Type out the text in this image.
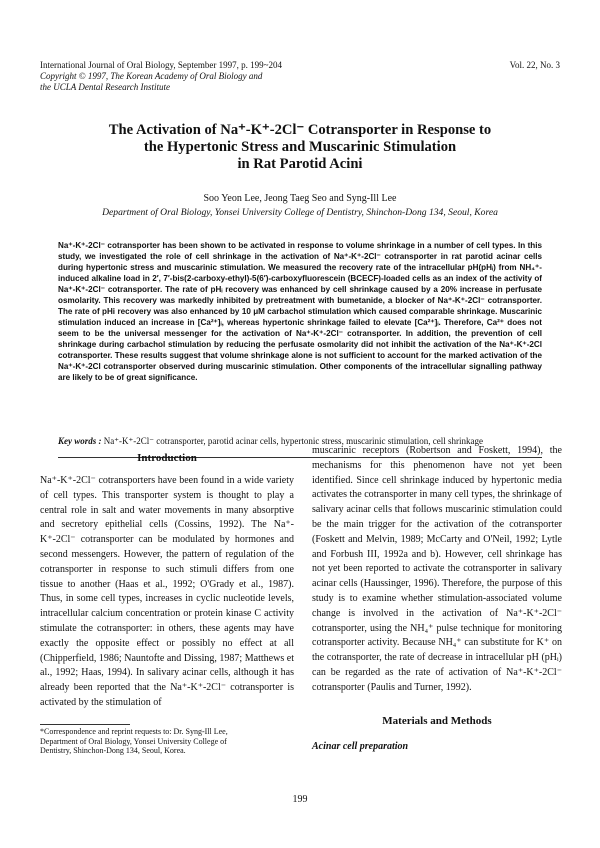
International Journal of Oral Biology, September 1997, p. 199~204
Copyright © 1997, The Korean Academy of Oral Biology and
the UCLA Dental Research Institute
Vol. 22, No. 3
The Activation of Na⁺-K⁺-2Cl⁻ Cotransporter in Response to
the Hypertonic Stress and Muscarinic Stimulation
in Rat Parotid Acini
Soo Yeon Lee, Jeong Taeg Seo and Syng-Ill Lee
Department of Oral Biology, Yonsei University College of Dentistry, Shinchon-Dong 134, Seoul, Korea
Na⁺-K⁺-2Cl⁻ cotransporter has been shown to be activated in response to volume shrinkage in a number of cell types. In this study, we investigated the role of cell shrinkage in the activation of Na⁺-K⁺-2Cl⁻ cotransporter in rat parotid acinar cells during hypertonic stress and muscarinic stimulation. We measured the recovery rate of the intracellular pH(pHᵢ) from NH₄⁺-induced alkaline load in 2′, 7′-bis(2-carboxy-ethyl)-5(6′)-carboxyfluorescein (BCECF)-loaded cells as an index of the activity of Na⁺-K⁺-2Cl⁻ cotransporter. The rate of pHᵢ recovery was enhanced by cell shrinkage caused by a 20% increase in perfusate osmolarity. This recovery was markedly inhibited by pretreatment with bumetanide, a blocker of Na⁺-K⁺-2Cl⁻ cotransporter. The rate of pHi recovery was also enhanced by 10 μM carbachol stimulation which caused comparable shrinkage. Muscarinic stimulation induced an increase in [Ca²⁺]ᵢ, whereas hypertonic shrinkage failed to elevate [Ca²⁺]ᵢ. Therefore, Ca²⁺ does not seem to be the universal messenger for the activation of Na⁺-K⁺-2Cl⁻ cotransporter. In addition, the prevention of cell shrinkage during carbachol stimulation by reducing the perfusate osmolarity did not inhibit the activation of the Na⁺-K⁺-2Cl cotransporter. These results suggest that volume shrinkage alone is not sufficient to account for the marked activation of the Na⁺-K⁺-2Cl cotransporter observed during muscarinic stimulation. Other components of the intracellular signalling pathway are likely to be of great significance.
Key words : Na⁺-K⁺-2Cl⁻ cotransporter, parotid acinar cells, hypertonic stress, muscarinic stimulation, cell shrinkage
Introduction
Na⁺-K⁺-2Cl⁻ cotransporters have been found in a wide variety of cell types. This transporter system is thought to play a central role in salt and water movements in many absorptive and secretory epithelial cells (Cossins, 1992). The Na⁺-K⁺-2Cl⁻ cotransporter can be modulated by hormones and second messengers. However, the pattern of regulation of the cotransporter in response to such stimuli differs from one tissue to another (Haas et al., 1992; O'Grady et al., 1987). Thus, in some cell types, increases in cyclic nucleotide levels, intracellular calcium concentration or protein kinase C activity stimulate the cotransporter: in others, these agents may have exactly the opposite effect or possibly no effect at all (Chipperfield, 1986; Nauntofte and Dissing, 1987; Matthews et al., 1992; Haas, 1994). In salivary acinar cells, although it has already been reported that the Na⁺-K⁺-2Cl⁻ cotransporter is activated by the stimulation of
muscarinic receptors (Robertson and Foskett, 1994), the mechanisms for this phenomenon have not yet been identified. Since cell shrinkage induced by hypertonic media activates the cotransporter in many cell types, the shrinkage of salivary acinar cells that follows muscarinic stimulation could be the main trigger for the activation of the cotransporter (Foskett and Melvin, 1989; McCarty and O'Neil, 1992; Lytle and Forbush III, 1992a and b). However, cell shrinkage has not yet been reported to activate the cotransporter in salivary acinar cells (Haussinger, 1996). Therefore, the purpose of this study is to examine whether stimulation-associated volume change is involved in the activation of Na⁺-K⁺-2Cl⁻ cotransporter, using the NH₄⁺ pulse technique for monitoring cotransporter activity. Because NH₄⁺ can substitute for K⁺ on the cotransporter, the rate of decrease in intracellular pH (pHᵢ) can be regarded as the rate of activation of Na⁺-K⁺-2Cl⁻ cotransporter (Paulis and Turner, 1992).
Materials and Methods
Acinar cell preparation
*Correspondence and reprint requests to: Dr. Syng-Ill Lee,
Department of Oral Biology, Yonsei University College of
Dentistry, Shinchon-Dong 134, Seoul, Korea.
199
